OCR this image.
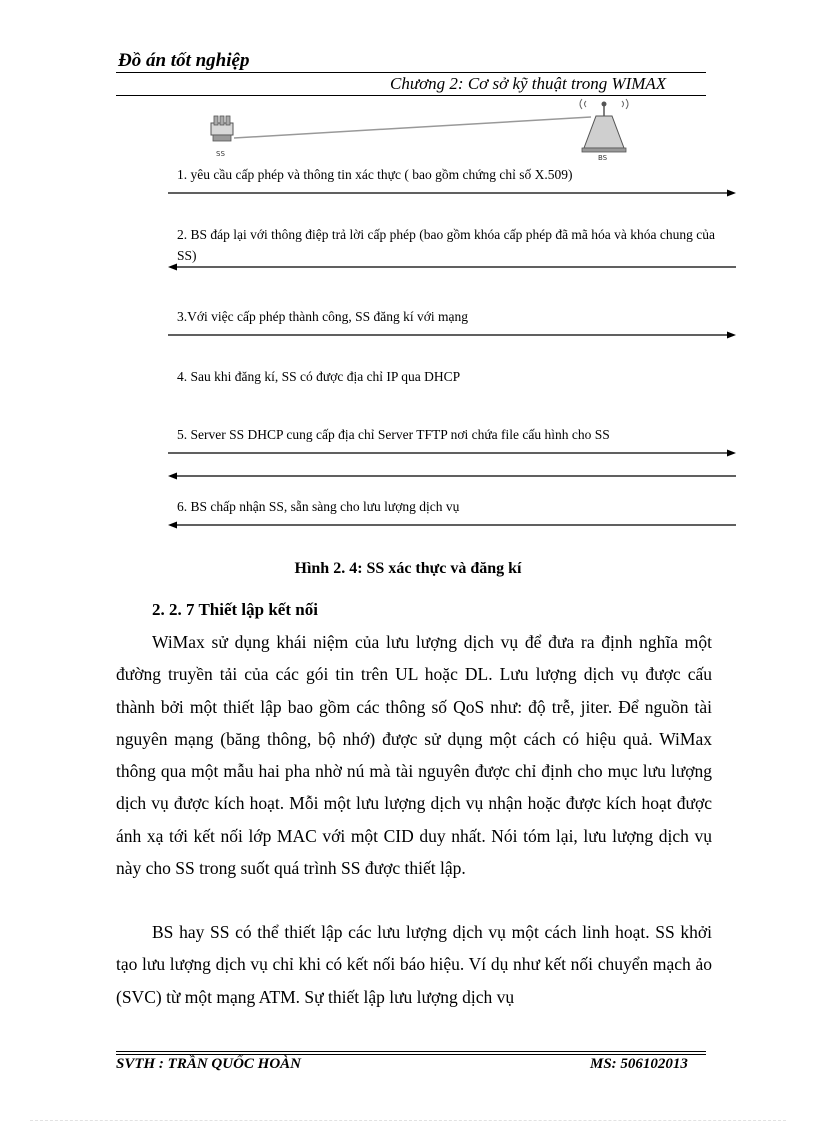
Đồ án tốt nghiệp
Chương 2: Cơ sở kỹ thuật trong WIMAX
SS	BS
1. yêu cầu cấp phép và thông tin xác thực ( bao gồm chứng chỉ số X.509)
2. BS đáp lại với thông điệp trả lời cấp phép (bao gồm khóa cấp phép đã mã hóa và khóa chung của SS)
3.Với việc cấp phép thành công, SS đăng kí với mạng
4. Sau khi đăng kí, SS có được địa chỉ IP qua DHCP
5. Server SS DHCP cung cấp địa chỉ Server TFTP nơi chứa file cấu hình cho SS
6. BS chấp nhận SS, sẵn sàng cho lưu lượng dịch vụ
Hình 2. 4: SS xác thực và đăng kí
2. 2. 7 Thiết lập kết nối
WiMax sử dụng khái niệm của lưu lượng dịch vụ để đưa ra định nghĩa một đường truyền tải của các gói tin trên UL hoặc DL. Lưu lượng dịch vụ được cấu thành bởi một thiết lập bao gồm các thông số QoS như: độ trễ, jiter. Để nguồn tài nguyên mạng (băng thông, bộ nhớ) được sử dụng một cách có hiệu quả. WiMax thông qua một mẫu hai pha nhờ nú mà tài nguyên được chỉ định cho mục lưu lượng dịch vụ được kích hoạt. Mỗi một lưu lượng dịch vụ nhận hoặc được kích hoạt được ánh xạ tới kết nối lớp MAC với một CID duy nhất. Nói tóm lại, lưu lượng dịch vụ này cho SS trong suốt quá trình SS được thiết lập.
BS hay SS có thể thiết lập các lưu lượng dịch vụ một cách linh hoạt. SS khởi tạo lưu lượng dịch vụ chỉ khi có kết nối báo hiệu. Ví dụ như kết nối chuyển mạch ảo (SVC) từ một mạng ATM. Sự thiết lập lưu lượng dịch vụ
SVTH : TRẦN QUỐC HOÀN	MS: 506102013
